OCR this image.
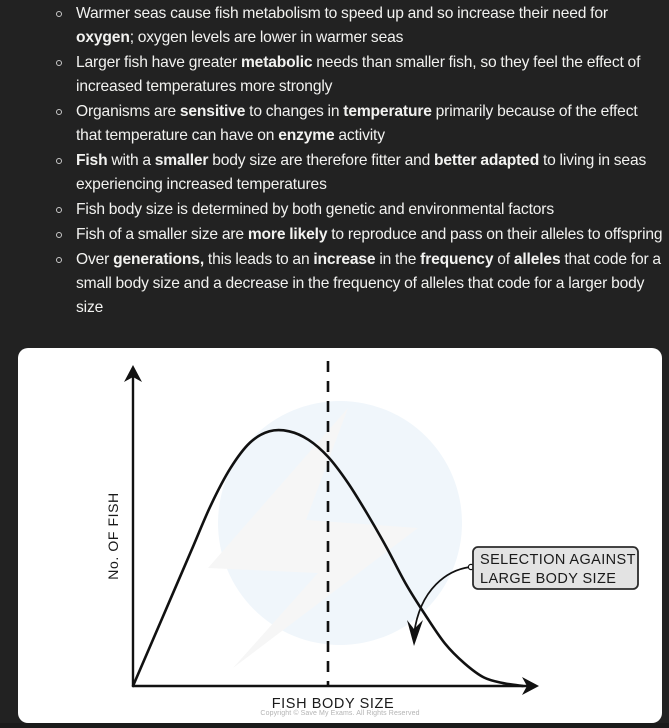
Warmer seas cause fish metabolism to speed up and so increase their need for oxygen; oxygen levels are lower in warmer seas
Larger fish have greater metabolic needs than smaller fish, so they feel the effect of increased temperatures more strongly
Organisms are sensitive to changes in temperature primarily because of the effect that temperature can have on enzyme activity
Fish with a smaller body size are therefore fitter and better adapted to living in seas experiencing increased temperatures
Fish body size is determined by both genetic and environmental factors
Fish of a smaller size are more likely to reproduce and pass on their alleles to offspring
Over generations, this leads to an increase in the frequency of alleles that code for a small body size and a decrease in the frequency of alleles that code for a larger body size
SELECTION AGAINST
LARGE BODY SIZE
FISH BODY SIZE
No. OF FISH
Copyright © Save My Exams. All Rights Reserved
